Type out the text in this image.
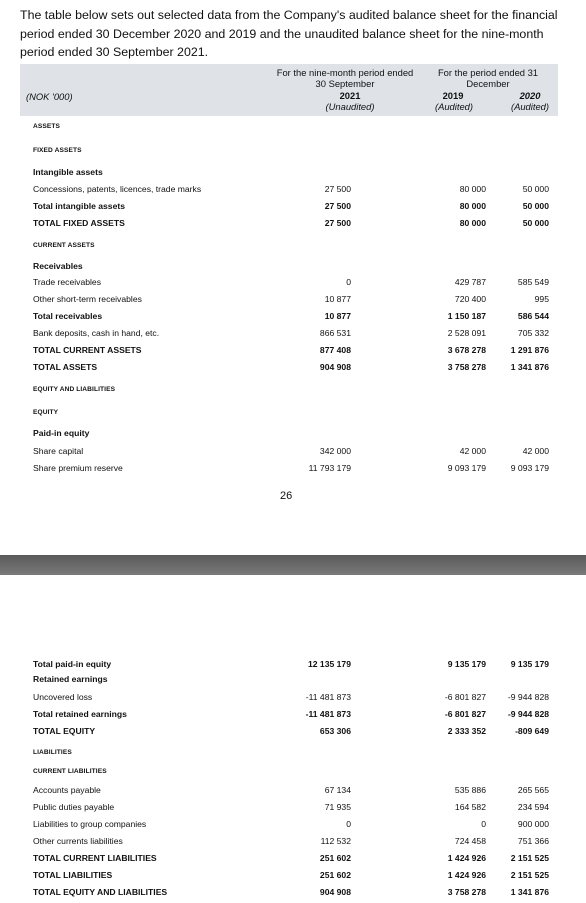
The table below sets out selected data from the Company's audited balance sheet for the financial period ended 30 December 2020 and 2019 and the unaudited balance sheet for the nine-month period ended 30 September 2021.
For the nine-month period ended
30 September
For the period ended 31
December
(NOK '000)	2021	2019	2020
(Unaudited)	(Audited)	(Audited)
ASSETS
FIXED ASSETS
Intangible assets
Concessions, patents, licences, trade marks	27 500	80 000	50 000
Total intangible assets	27 500	80 000	50 000
TOTAL FIXED ASSETS	27 500	80 000	50 000
CURRENT ASSETS
Receivables
Trade receivables	0	429 787	585 549
Other short-term receivables	10 877	720 400	995
Total receivables	10 877	1 150 187	586 544
Bank deposits, cash in hand, etc.	866 531	2 528 091	705 332
TOTAL CURRENT ASSETS	877 408	3 678 278	1 291 876
TOTAL ASSETS	904 908	3 758 278	1 341 876
EQUITY AND LIABILITIES
EQUITY
Paid-in equity
Share capital	342 000	42 000	42 000
Share premium reserve	11 793 179	9 093 179	9 093 179
26
Total paid-in equity	12 135 179	9 135 179	9 135 179
Retained earnings
Uncovered loss	-11 481 873	-6 801 827	-9 944 828
Total retained earnings	-11 481 873	-6 801 827	-9 944 828
TOTAL EQUITY	653 306	2 333 352	-809 649
LIABILITIES
CURRENT LIABILITIES
Accounts payable	67 134	535 886	265 565
Public duties payable	71 935	164 582	234 594
Liabilities to group companies	0	0	900 000
Other currents liabilities	112 532	724 458	751 366
TOTAL CURRENT LIABILITIES	251 602	1 424 926	2 151 525
TOTAL LIABILITIES	251 602	1 424 926	2 151 525
TOTAL EQUITY AND LIABILITIES	904 908	3 758 278	1 341 876
